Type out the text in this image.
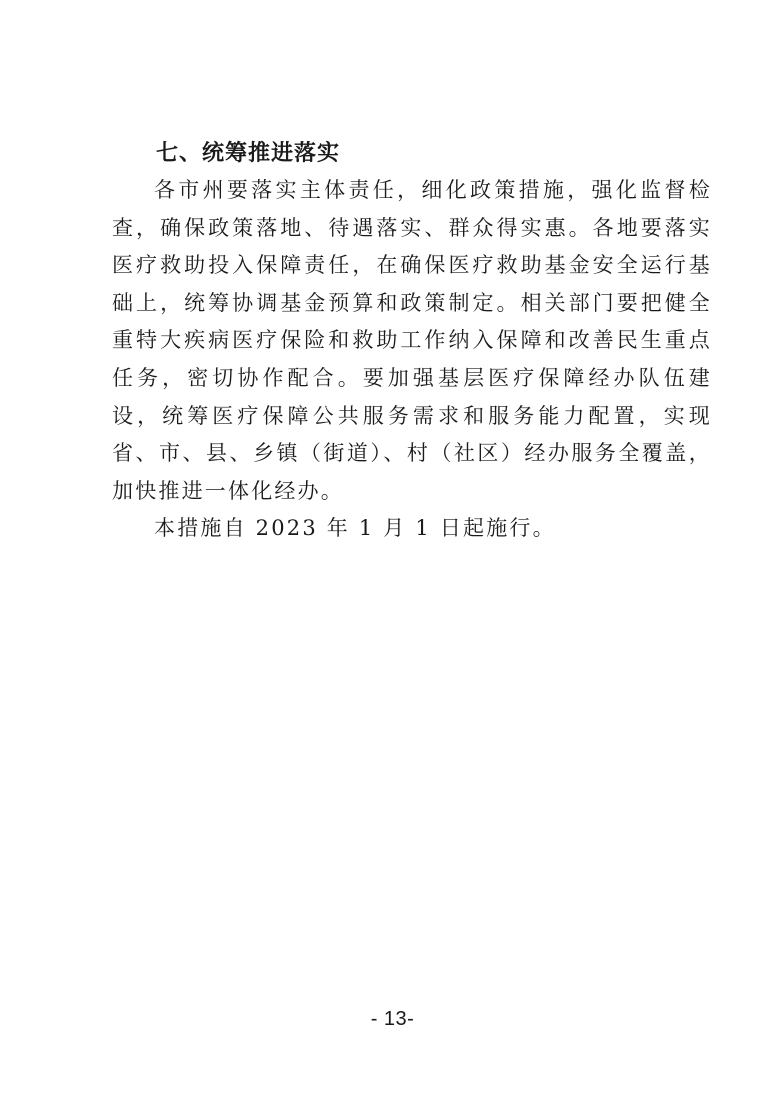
七、统筹推进落实

各市州要落实主体责任，细化政策措施，强化监督检查，确保政策落地、待遇落实、群众得实惠。各地要落实医疗救助投入保障责任，在确保医疗救助基金安全运行基础上，统筹协调基金预算和政策制定。相关部门要把健全重特大疾病医疗保险和救助工作纳入保障和改善民生重点任务，密切协作配合。要加强基层医疗保障经办队伍建设，统筹医疗保障公共服务需求和服务能力配置，实现省、市、县、乡镇（街道）、村（社区）经办服务全覆盖，加快推进一体化经办。

本措施自 2023 年 1 月 1 日起施行。

- 13-
